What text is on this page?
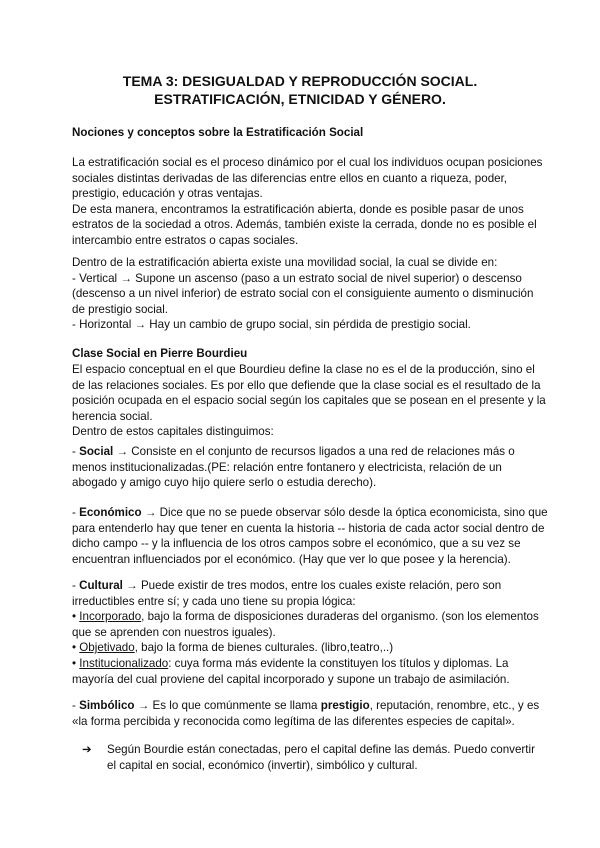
TEMA 3: DESIGUALDAD Y REPRODUCCIÓN SOCIAL.
ESTRATIFICACIÓN, ETNICIDAD Y GÉNERO.
Nociones y conceptos sobre la Estratificación Social
La estratificación social es el proceso dinámico por el cual los individuos ocupan posiciones
sociales distintas derivadas de las diferencias entre ellos en cuanto a riqueza, poder,
prestigio, educación y otras ventajas.
De esta manera, encontramos la estratificación abierta, donde es posible pasar de unos
estratos de la sociedad a otros. Además, también existe la cerrada, donde no es posible el
intercambio entre estratos o capas sociales.
Dentro de la estratificación abierta existe una movilidad social, la cual se divide en:
- Vertical → Supone un ascenso (paso a un estrato social de nivel superior) o descenso
(descenso a un nivel inferior) de estrato social con el consiguiente aumento o disminución
de prestigio social.
- Horizontal → Hay un cambio de grupo social, sin pérdida de prestigio social.
Clase Social en Pierre Bourdieu
El espacio conceptual en el que Bourdieu define la clase no es el de la producción, sino el
de las relaciones sociales. Es por ello que defiende que la clase social es el resultado de la
posición ocupada en el espacio social según los capitales que se posean en el presente y la
herencia social.
Dentro de estos capitales distinguimos:
- Social → Consiste en el conjunto de recursos ligados a una red de relaciones más o
menos institucionalizadas.(PE: relación entre fontanero y electricista, relación de un
abogado y amigo cuyo hijo quiere serlo o estudia derecho).
- Económico → Dice que no se puede observar sólo desde la óptica economicista, sino que
para entenderlo hay que tener en cuenta la historia -- historia de cada actor social dentro de
dicho campo -- y la influencia de los otros campos sobre el económico, que a su vez se
encuentran influenciados por el económico. (Hay que ver lo que posee y la herencia).
- Cultural → Puede existir de tres modos, entre los cuales existe relación, pero son
irreductibles entre sí; y cada uno tiene su propia lógica:
• Incorporado, bajo la forma de disposiciones duraderas del organismo. (son los elementos
que se aprenden con nuestros iguales).
• Objetivado, bajo la forma de bienes culturales. (libro,teatro,..)
• Institucionalizado: cuya forma más evidente la constituyen los títulos y diplomas. La
mayoría del cual proviene del capital incorporado y supone un trabajo de asimilación.
- Simbólico → Es lo que comúnmente se llama prestigio, reputación, renombre, etc., y es
«la forma percibida y reconocida como legítima de las diferentes especies de capital».
➔ Según Bourdie están conectadas, pero el capital define las demás. Puedo convertir
el capital en social, económico (invertir), simbólico y cultural.
